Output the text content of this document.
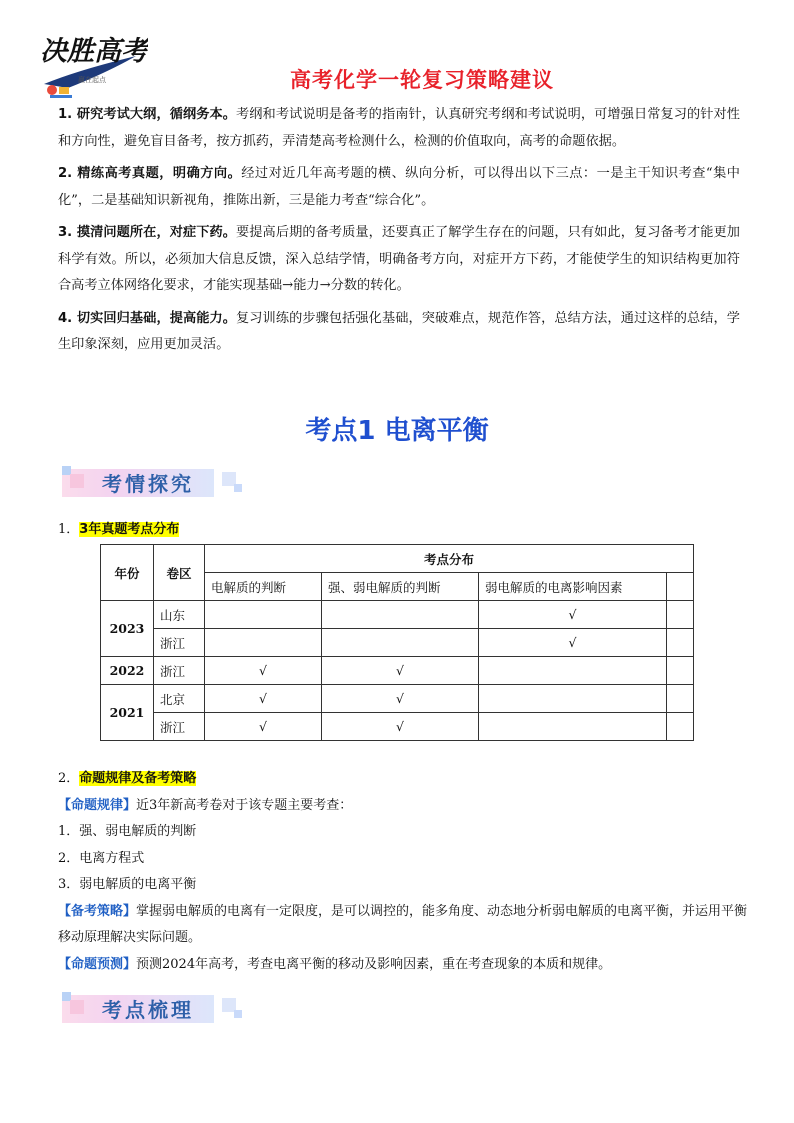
决胜高考
赢在起点	高考化学一轮复习策略建议

1. 研究考试大纲，循纲务本。考纲和考试说明是备考的指南针，认真研究考纲和考试说明，可增强日常复习的针对性和方向性，避免盲目备考，按方抓药，弄清楚高考检测什么，检测的价值取向，高考的命题依据。

2. 精练高考真题，明确方向。经过对近几年高考题的横、纵向分析，可以得出以下三点：一是主干知识考查“集中化”，二是基础知识新视角，推陈出新，三是能力考查“综合化”。

3. 摸清问题所在，对症下药。要提高后期的备考质量，还要真正了解学生存在的问题，只有如此，复习备考才能更加科学有效。所以，必须加大信息反馈，深入总结学情，明确备考方向，对症开方下药，才能使学生的知识结构更加符合高考立体网络化要求，才能实现基础→能力→分数的转化。

4. 切实回归基础，提高能力。复习训练的步骤包括强化基础，突破难点，规范作答，总结方法，通过这样的总结，学生印象深刻，应用更加灵活。

考点1 电离平衡
考情探究
1．3年真题考点分布
年份	卷区	考点分布			
		电解质的判断	强、弱电解质的判断	弱电解质的电离影响因素	
2023	山东			√	
	浙江			√	
2022	浙江	√	√		
2021	北京	√	√		
	浙江	√	√		

2．命题规律及备考策略

【命题规律】近3年新高考卷对于该专题主要考查：

1．强、弱电解质的判断

2．电离方程式

3．弱电解质的电离平衡

【备考策略】掌握弱电解质的电离有一定限度，是可以调控的，能多角度、动态地分析弱电解质的电离平衡，并运用平衡移动原理解决实际问题。

【命题预测】预测2024年高考，考查电离平衡的移动及影响因素，重在考查现象的本质和规律。

考点梳理
